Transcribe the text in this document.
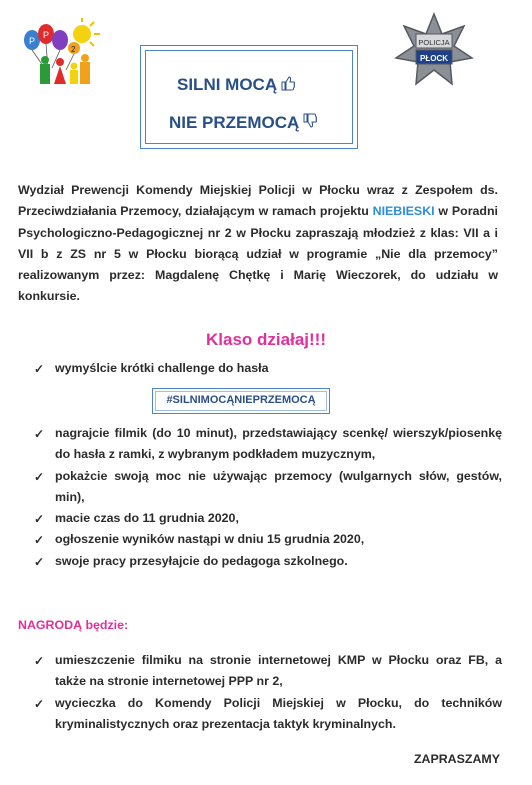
P
P
2
POLICJA
PŁOCK
SILNI MOCĄ
NIE PRZEMOCĄ
Wydział Prewencji Komendy Miejskiej Policji w Płocku wraz z Zespołem ds. Przeciwdziałania Przemocy, działającym w ramach projektu NIEBIESKI w Poradni Psychologiczno-Pedagogicznej nr 2 w Płocku zapraszają młodzież z klas: VII a i VII b z ZS nr 5 w Płocku biorącą udział w programie „Nie dla przemocy” realizowanym przez: Magdalenę Chętkę i Marię Wieczorek, do udziału w konkursie.
Klaso działaj!!!
✓ wymyślcie krótki challenge do hasła
#SILNIMOCĄNIEPRZEMOCĄ
✓ nagrajcie filmik (do 10 minut), przedstawiający scenkę/ wierszyk/piosenkę do hasła z ramki, z wybranym podkładem muzycznym,
✓ pokażcie swoją moc nie używając przemocy (wulgarnych słów, gestów, min),
✓ macie czas do 11 grudnia 2020,
✓ ogłoszenie wyników nastąpi w dniu 15 grudnia 2020,
✓ swoje pracy przesyłajcie do pedagoga szkolnego.
NAGRODĄ będzie:
✓ umieszczenie filmiku na stronie internetowej KMP w Płocku oraz FB, a także na stronie internetowej PPP nr 2,
✓ wycieczka do Komendy Policji Miejskiej w Płocku, do techników kryminalistycznych oraz prezentacja taktyk kryminalnych.
ZAPRASZAMY
